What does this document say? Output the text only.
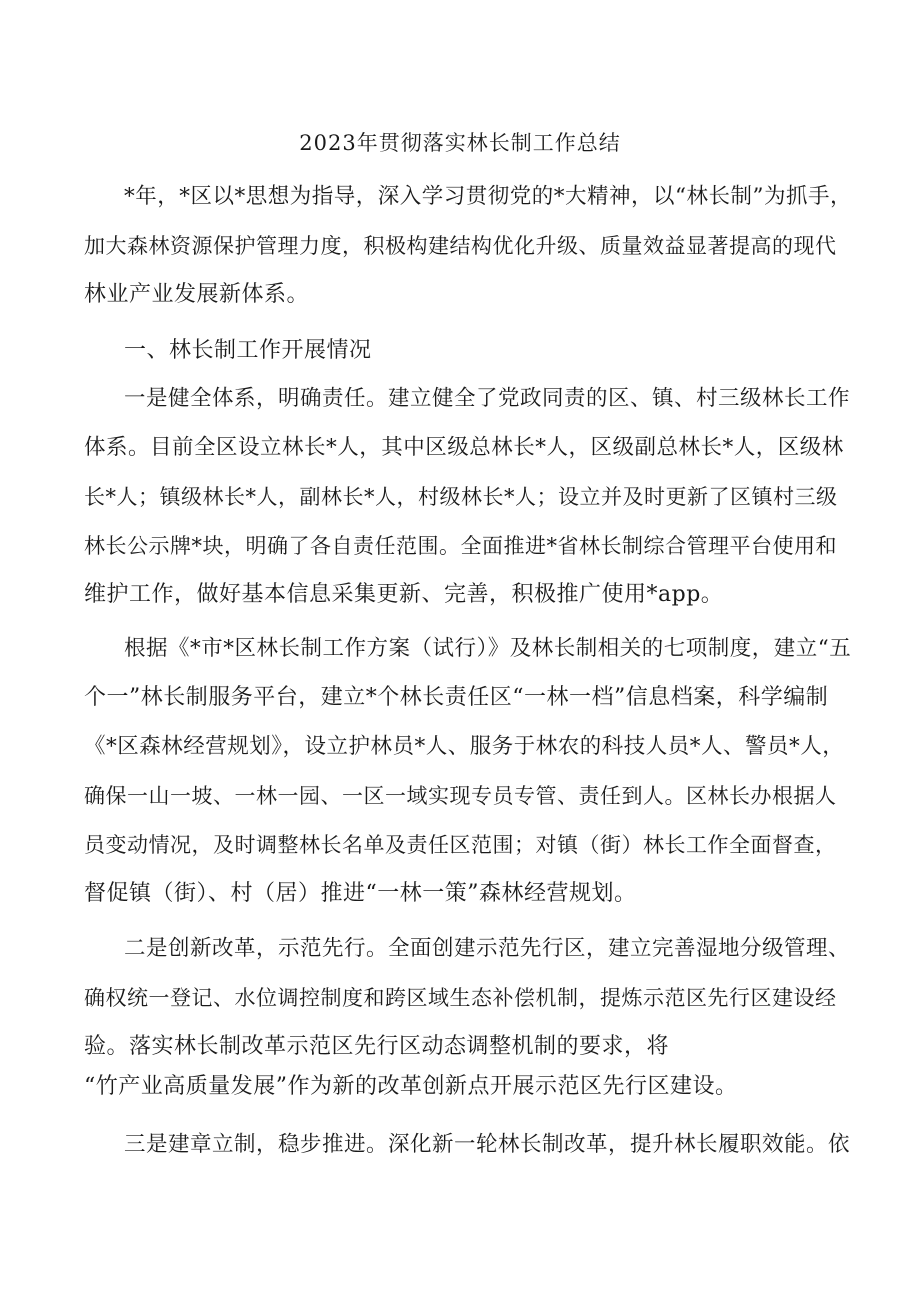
2023年贯彻落实林长制工作总结
*年，*区以*思想为指导，深入学习贯彻党的*大精神，以“林长制”为抓手，
加大森林资源保护管理力度，积极构建结构优化升级、质量效益显著提高的现代
林业产业发展新体系。
一、林长制工作开展情况
一是健全体系，明确责任。建立健全了党政同责的区、镇、村三级林长工作
体系。目前全区设立林长*人，其中区级总林长*人，区级副总林长*人，区级林
长*人；镇级林长*人，副林长*人，村级林长*人；设立并及时更新了区镇村三级
林长公示牌*块，明确了各自责任范围。全面推进*省林长制综合管理平台使用和
维护工作，做好基本信息采集更新、完善，积极推广使用*app。
根据《*市*区林长制工作方案（试行）》及林长制相关的七项制度，建立“五
个一”林长制服务平台，建立*个林长责任区“一林一档”信息档案，科学编制
《*区森林经营规划》，设立护林员*人、服务于林农的科技人员*人、警员*人，
确保一山一坡、一林一园、一区一域实现专员专管、责任到人。区林长办根据人
员变动情况，及时调整林长名单及责任区范围；对镇（街）林长工作全面督查，
督促镇（街）、村（居）推进“一林一策”森林经营规划。
二是创新改革，示范先行。全面创建示范先行区，建立完善湿地分级管理、
确权统一登记、水位调控制度和跨区域生态补偿机制，提炼示范区先行区建设经
验。落实林长制改革示范区先行区动态调整机制的要求，将
“竹产业高质量发展”作为新的改革创新点开展示范区先行区建设。
三是建章立制，稳步推进。深化新一轮林长制改革，提升林长履职效能。依
